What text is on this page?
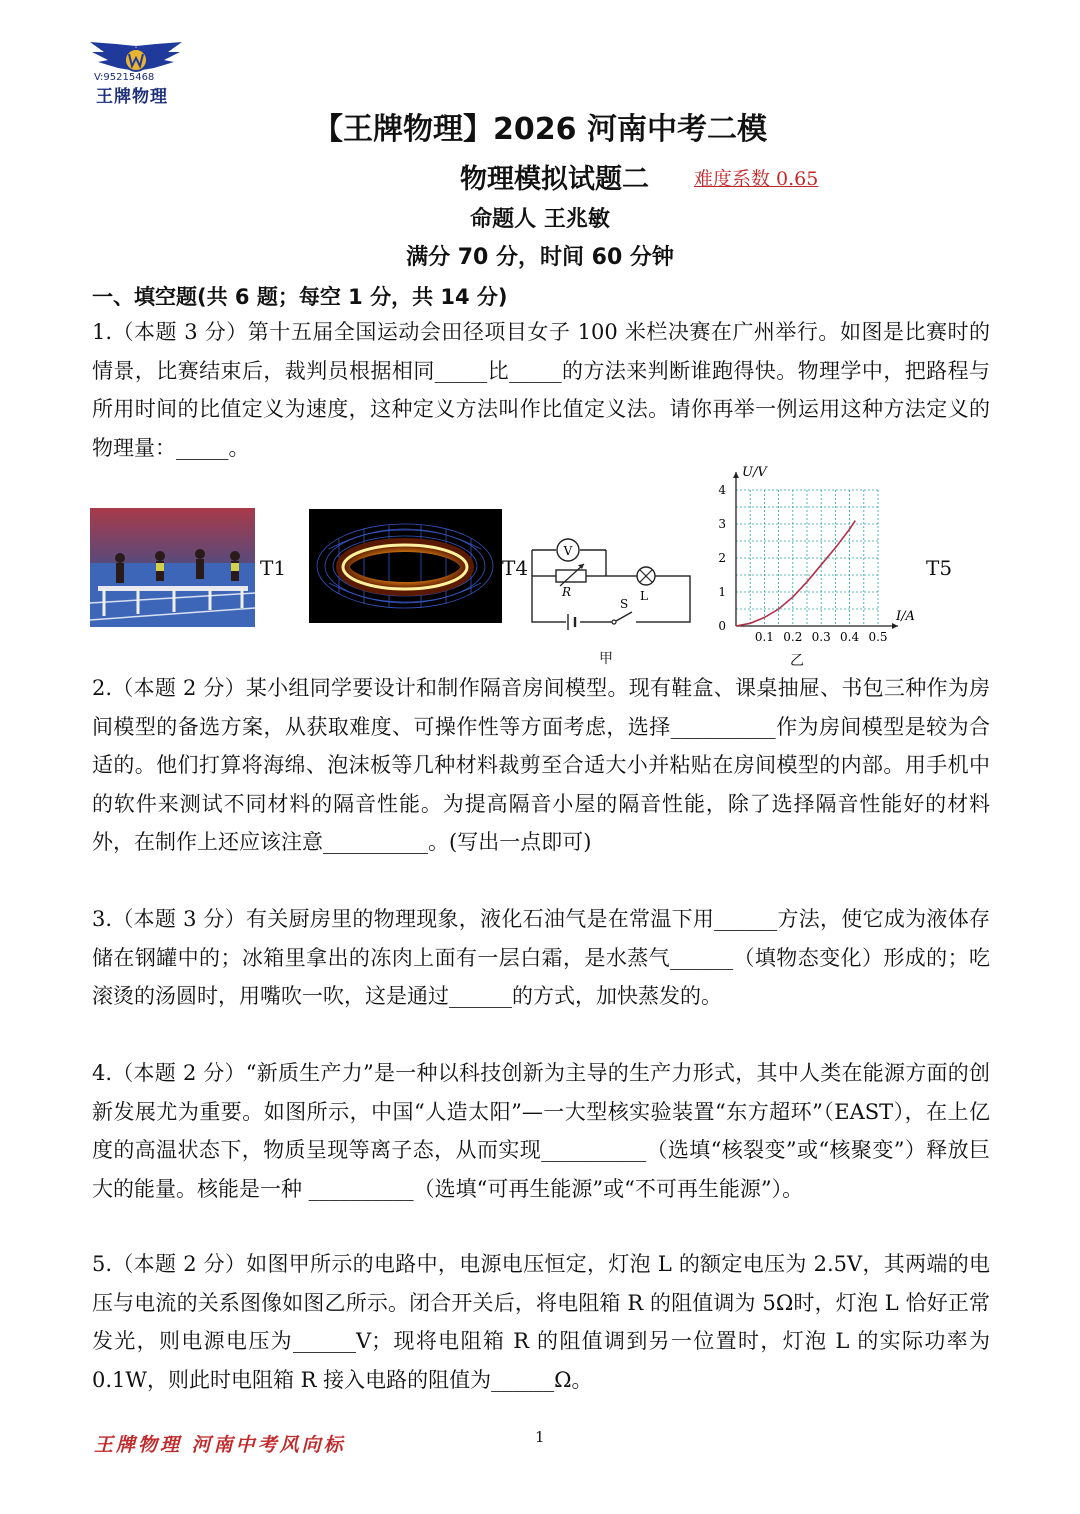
V:95215468
王牌物理
【王牌物理】2026 河南中考二模
物理模拟试题二 难度系数 0.65
命题人 王兆敏
满分 70 分，时间 60 分钟
一、填空题(共 6 题；每空 1 分，共 14 分)
1.（本题 3 分）第十五届全国运动会田径项目女子 100 米栏决赛在广州举行。如图是比赛时的情景，比赛结束后，裁判员根据相同_____比_____的方法来判断谁跑得快。物理学中，把路程与所用时间的比值定义为速度，这种定义方法叫作比值定义法。请你再举一例运用这种方法定义的物理量：_____。
T1	T4
V
R	L
S
甲
0.1 0.2 0.3 0.4 0.5
0
1
2
3
4
I/A
U/V
乙
T5
2.（本题 2 分）某小组同学要设计和制作隔音房间模型。现有鞋盒、课桌抽屉、书包三种作为房间模型的备选方案，从获取难度、可操作性等方面考虑，选择__________作为房间模型是较为合适的。他们打算将海绵、泡沫板等几种材料裁剪至合适大小并粘贴在房间模型的内部。用手机中的软件来测试不同材料的隔音性能。为提高隔音小屋的隔音性能，除了选择隔音性能好的材料外，在制作上还应该注意__________。(写出一点即可)
3.（本题 3 分）有关厨房里的物理现象，液化石油气是在常温下用______方法，使它成为液体存储在钢罐中的；冰箱里拿出的冻肉上面有一层白霜，是水蒸气______（填物态变化）形成的；吃滚烫的汤圆时，用嘴吹一吹，这是通过______的方式，加快蒸发的。
4.（本题 2 分）“新质生产力”是一种以科技创新为主导的生产力形式，其中人类在能源方面的创新发展尤为重要。如图所示，中国“人造太阳”—一大型核实验装置“东方超环”（EAST），在上亿度的高温状态下，物质呈现等离子态，从而实现__________（选填“核裂变”或“核聚变”）释放巨大的能量。核能是一种 __________（选填“可再生能源”或“不可再生能源”）。
5.（本题 2 分）如图甲所示的电路中，电源电压恒定，灯泡 L 的额定电压为 2.5V，其两端的电压与电流的关系图像如图乙所示。闭合开关后，将电阻箱 R 的阻值调为 5Ω时，灯泡 L 恰好正常发光，则电源电压为______V；现将电阻箱 R 的阻值调到另一位置时，灯泡 L 的实际功率为 0.1W，则此时电阻箱 R 接入电路的阻值为______Ω。
王牌物理 河南中考风向标	1
